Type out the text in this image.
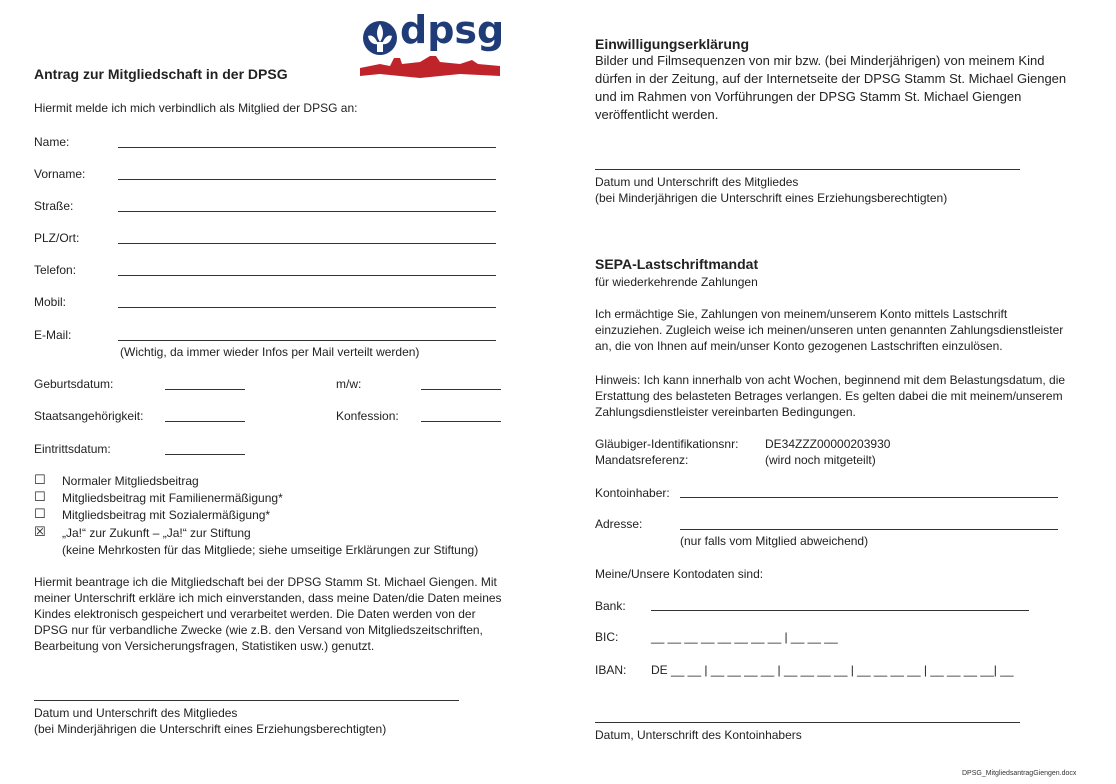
dpsg
Antrag zur Mitgliedschaft in der DPSG
Hiermit melde ich mich verbindlich als Mitglied der DPSG an:
Name:
Vorname:
Straße:
PLZ/Ort:
Telefon:
Mobil:
E-Mail:
(Wichtig, da immer wieder Infos per Mail verteilt werden)
Geburtsdatum:	m/w:
Staatsangehörigkeit:	Konfession:
Eintrittsdatum:
☐ Normaler Mitgliedsbeitrag
☐ Mitgliedsbeitrag mit Familienermäßigung*
☐ Mitgliedsbeitrag mit Sozialermäßigung*
☒ „Ja!“ zur Zukunft – „Ja!“ zur Stiftung
(keine Mehrkosten für das Mitgliede; siehe umseitige Erklärungen zur Stiftung)
Hiermit beantrage ich die Mitgliedschaft bei der DPSG Stamm St. Michael Giengen. Mit
meiner Unterschrift erkläre ich mich einverstanden, dass meine Daten/die Daten meines
Kindes elektronisch gespeichert und verarbeitet werden. Die Daten werden von der
DPSG nur für verbandliche Zwecke (wie z.B. den Versand von Mitgliedszeitschriften,
Bearbeitung von Versicherungsfragen, Statistiken usw.) genutzt.
Datum und Unterschrift des Mitgliedes
(bei Minderjährigen die Unterschrift eines Erziehungsberechtigten)
Einwilligungserklärung
Bilder und Filmsequenzen von mir bzw. (bei Minderjährigen) von meinem Kind
dürfen in der Zeitung, auf der Internetseite der DPSG Stamm St. Michael Giengen
und im Rahmen von Vorführungen der DPSG Stamm St. Michael Giengen
veröffentlicht werden.
Datum und Unterschrift des Mitgliedes
(bei Minderjährigen die Unterschrift eines Erziehungsberechtigten)
SEPA-Lastschriftmandat
für wiederkehrende Zahlungen
Ich ermächtige Sie, Zahlungen von meinem/unserem Konto mittels Lastschrift
einzuziehen. Zugleich weise ich meinen/unseren unten genannten Zahlungsdienstleister
an, die von Ihnen auf mein/unser Konto gezogenen Lastschriften einzulösen.
Hinweis: Ich kann innerhalb von acht Wochen, beginnend mit dem Belastungsdatum, die
Erstattung des belasteten Betrages verlangen. Es gelten dabei die mit meinem/unserem
Zahlungsdienstleister vereinbarten Bedingungen.
Gläubiger-Identifikationsnr: DE34ZZZ00000203930
Mandatsreferenz:	(wird noch mitgeteilt)
Kontoinhaber:
Adresse:
(nur falls vom Mitglied abweichend)
Meine/Unsere Kontodaten sind:
Bank:
BIC:	__ __ __ __ __ __ __ __ | __ __ __
IBAN: DE __ __ | __ __ __ __ | __ __ __ __ | __ __ __ __ | __ __ __ __| __
Datum, Unterschrift des Kontoinhabers
DPSG_MitgliedsantragGiengen.docx
